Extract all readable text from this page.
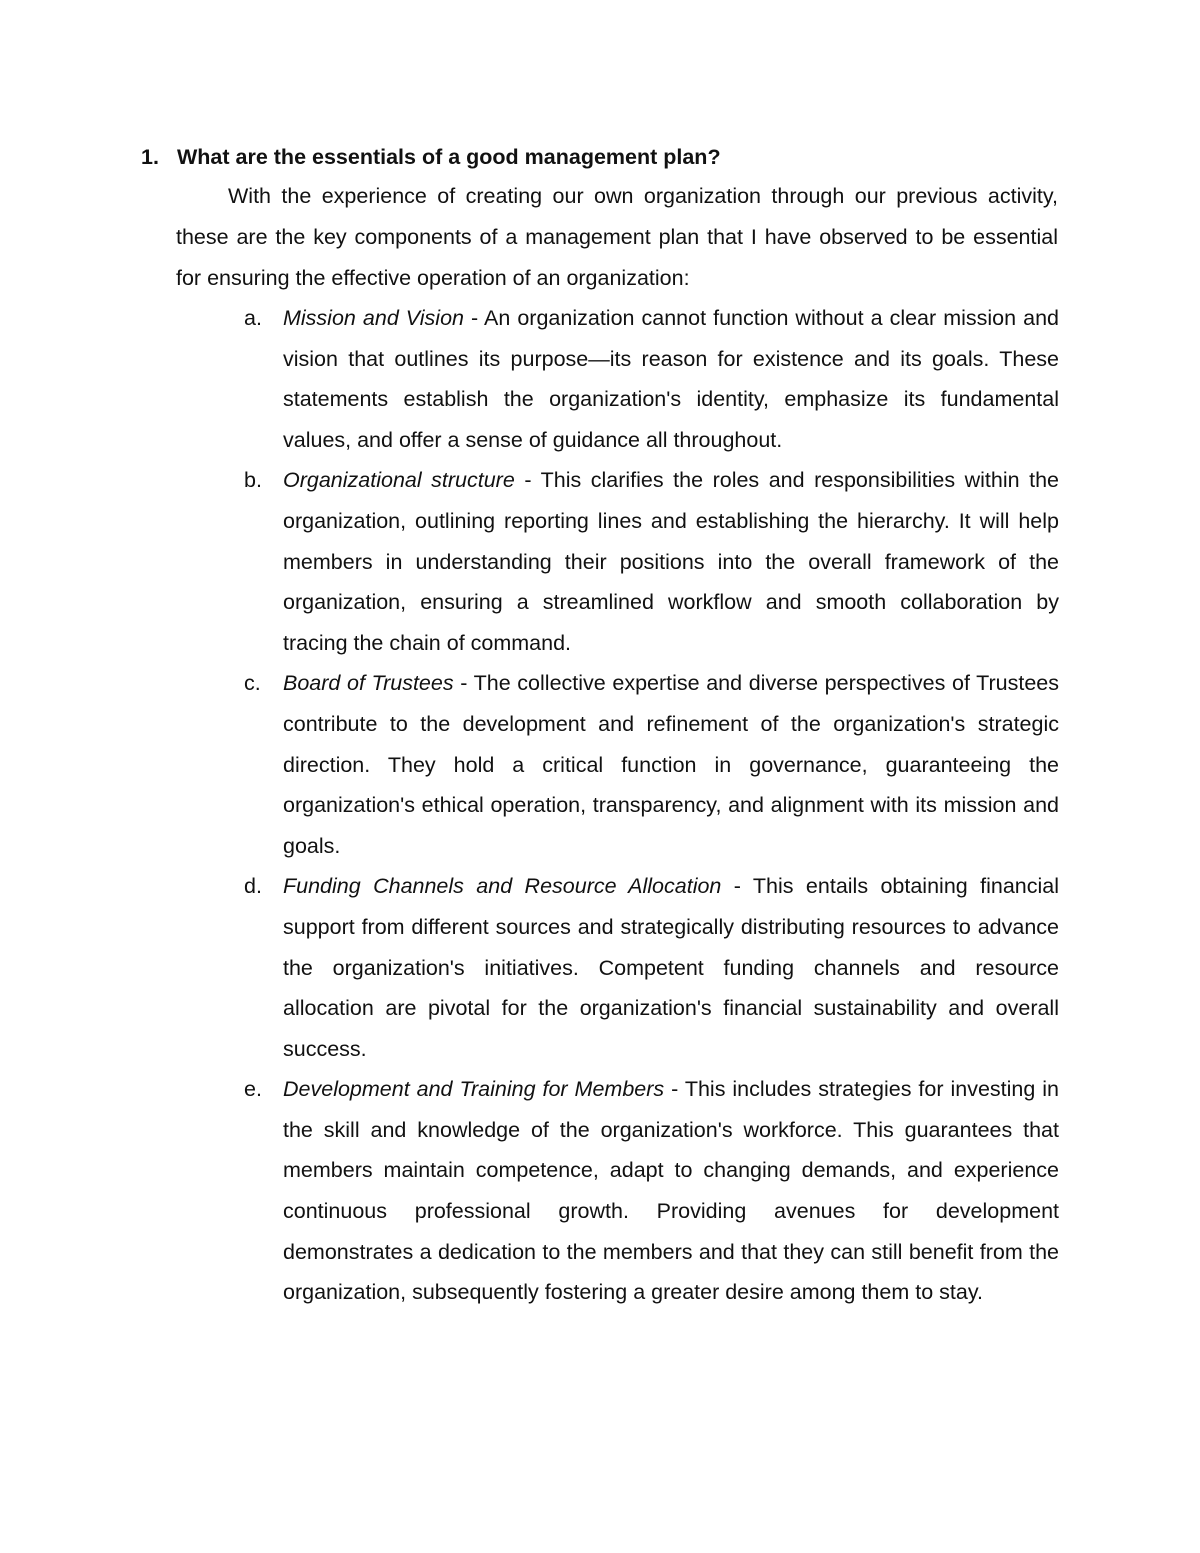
1. What are the essentials of a good management plan?

With the experience of creating our own organization through our previous activity, these are the key components of a management plan that I have observed to be essential for ensuring the effective operation of an organization:

a. Mission and Vision - An organization cannot function without a clear mission and vision that outlines its purpose—its reason for existence and its goals. These statements establish the organization's identity, emphasize its fundamental values, and offer a sense of guidance all throughout.
b. Organizational structure - This clarifies the roles and responsibilities within the organization, outlining reporting lines and establishing the hierarchy. It will help members in understanding their positions into the overall framework of the organization, ensuring a streamlined workflow and smooth collaboration by tracing the chain of command.
c. Board of Trustees - The collective expertise and diverse perspectives of Trustees contribute to the development and refinement of the organization's strategic direction. They hold a critical function in governance, guaranteeing the organization's ethical operation, transparency, and alignment with its mission and goals.
d. Funding Channels and Resource Allocation - This entails obtaining financial support from different sources and strategically distributing resources to advance the organization's initiatives. Competent funding channels and resource allocation are pivotal for the organization's financial sustainability and overall success.
e. Development and Training for Members - This includes strategies for investing in the skill and knowledge of the organization's workforce. This guarantees that members maintain competence, adapt to changing demands, and experience continuous professional growth. Providing avenues for development demonstrates a dedication to the members and that they can still benefit from the organization, subsequently fostering a greater desire among them to stay.
